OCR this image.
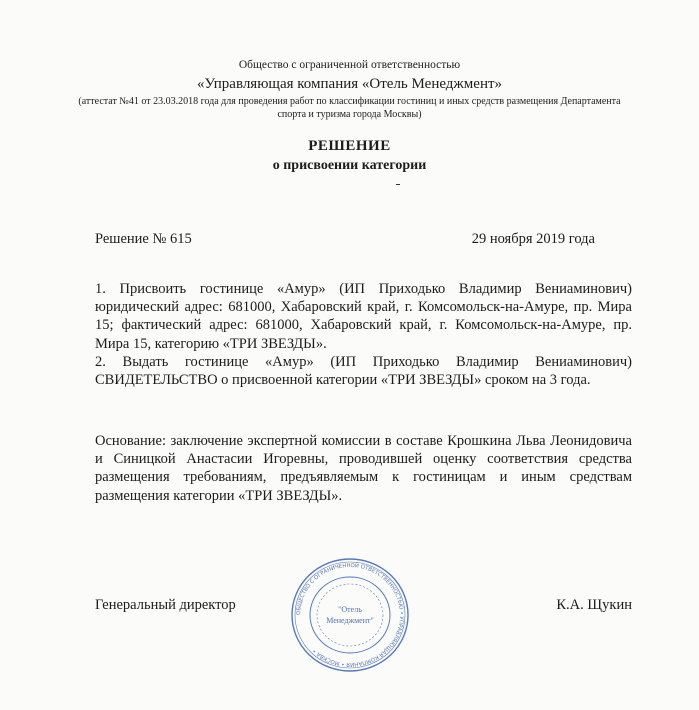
Общество с ограниченной ответственностью
«Управляющая компания «Отель Менеджмент»
(аттестат №41 от 23.03.2018 года для проведения работ по классификации гостиниц и иных средств размещения Департамента спорта и туризма города Москвы)
РЕШЕНИЕ
о присвоении категории
Решение № 615	29 ноября 2019 года

1. Присвоить гостинице «Амур» (ИП Приходько Владимир Вениаминович) юридический адрес: 681000, Хабаровский край, г. Комсомольск-на-Амуре, пр. Мира 15; фактический адрес: 681000, Хабаровский край, г. Комсомольск-на-Амуре, пр. Мира 15, категорию «ТРИ ЗВЕЗДЫ».

2. Выдать гостинице «Амур» (ИП Приходько Владимир Вениаминович) СВИДЕТЕЛЬСТВО о присвоенной категории «ТРИ ЗВЕЗДЫ» сроком на 3 года.

Основание: заключение экспертной комиссии в составе Крошкина Льва Леонидовича и Синицкой Анастасии Игоревны, проводившей оценку соответствия средства размещения требованиям, предъявляемым к гостиницам и иным средствам размещения категории «ТРИ ЗВЕЗДЫ».
Генеральный директор	К.А. Щукин
ОБЩЕСТВО С ОГРАНИЧЕННОЙ ОТВЕТСТВЕННОСТЬЮ • УПРАВЛЯЮЩАЯ КОМПАНИЯ • МОСКВА •
"Отель
Менеджмент"
